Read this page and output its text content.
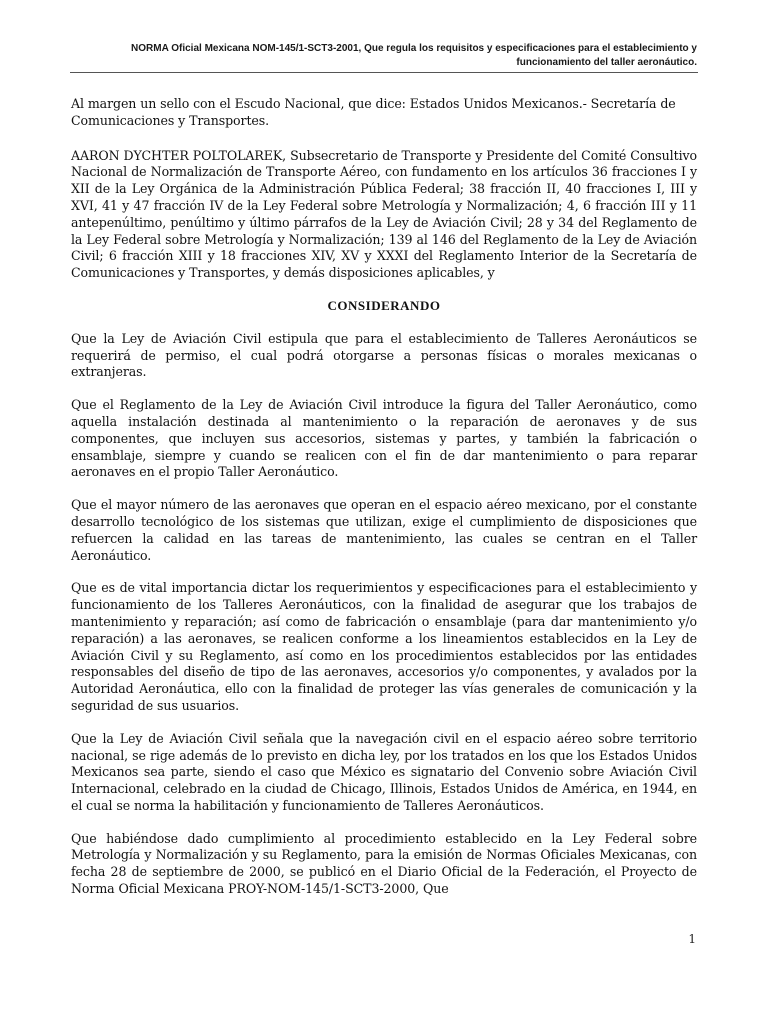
NORMA Oficial Mexicana NOM-145/1-SCT3-2001, Que regula los requisitos y especificaciones para el establecimiento y
funcionamiento del taller aeronáutico.

Al margen un sello con el Escudo Nacional, que dice: Estados Unidos Mexicanos.- Secretaría de Comunicaciones y Transportes.

AARON DYCHTER POLTOLAREK, Subsecretario de Transporte y Presidente del Comité Consultivo Nacional de Normalización de Transporte Aéreo, con fundamento en los artículos 36 fracciones I y XII de la Ley Orgánica de la Administración Pública Federal; 38 fracción II, 40 fracciones I, III y XVI, 41 y 47 fracción IV de la Ley Federal sobre Metrología y Normalización; 4, 6 fracción III y 11 antepenúltimo, penúltimo y último párrafos de la Ley de Aviación Civil; 28 y 34 del Reglamento de la Ley Federal sobre Metrología y Normalización; 139 al 146 del Reglamento de la Ley de Aviación Civil; 6 fracción XIII y 18 fracciones XIV, XV y XXXI del Reglamento Interior de la Secretaría de Comunicaciones y Transportes, y demás disposiciones aplicables, y

CONSIDERANDO

Que la Ley de Aviación Civil estipula que para el establecimiento de Talleres Aeronáuticos se requerirá de permiso, el cual podrá otorgarse a personas físicas o morales mexicanas o extranjeras.

Que el Reglamento de la Ley de Aviación Civil introduce la figura del Taller Aeronáutico, como aquella instalación destinada al mantenimiento o la reparación de aeronaves y de sus componentes, que incluyen sus accesorios, sistemas y partes, y también la fabricación o ensamblaje, siempre y cuando se realicen con el fin de dar mantenimiento o para reparar aeronaves en el propio Taller Aeronáutico.

Que el mayor número de las aeronaves que operan en el espacio aéreo mexicano, por el constante desarrollo tecnológico de los sistemas que utilizan, exige el cumplimiento de disposiciones que refuercen la calidad en las tareas de mantenimiento, las cuales se centran en el Taller Aeronáutico.

Que es de vital importancia dictar los requerimientos y especificaciones para el establecimiento y funcionamiento de los Talleres Aeronáuticos, con la finalidad de asegurar que los trabajos de mantenimiento y reparación; así como de fabricación o ensamblaje (para dar mantenimiento y/o reparación) a las aeronaves, se realicen conforme a los lineamientos establecidos en la Ley de Aviación Civil y su Reglamento, así como en los procedimientos establecidos por las entidades responsables del diseño de tipo de las aeronaves, accesorios y/o componentes, y avalados por la Autoridad Aeronáutica, ello con la finalidad de proteger las vías generales de comunicación y la seguridad de sus usuarios.

Que la Ley de Aviación Civil señala que la navegación civil en el espacio aéreo sobre territorio nacional, se rige además de lo previsto en dicha ley, por los tratados en los que los Estados Unidos Mexicanos sea parte, siendo el caso que México es signatario del Convenio sobre Aviación Civil Internacional, celebrado en la ciudad de Chicago, Illinois, Estados Unidos de América, en 1944, en el cual se norma la habilitación y funcionamiento de Talleres Aeronáuticos.

Que habiéndose dado cumplimiento al procedimiento establecido en la Ley Federal sobre Metrología y Normalización y su Reglamento, para la emisión de Normas Oficiales Mexicanas, con fecha 28 de septiembre de 2000, se publicó en el Diario Oficial de la Federación, el Proyecto de Norma Oficial Mexicana PROY-NOM-145/1-SCT3-2000, Que

1
